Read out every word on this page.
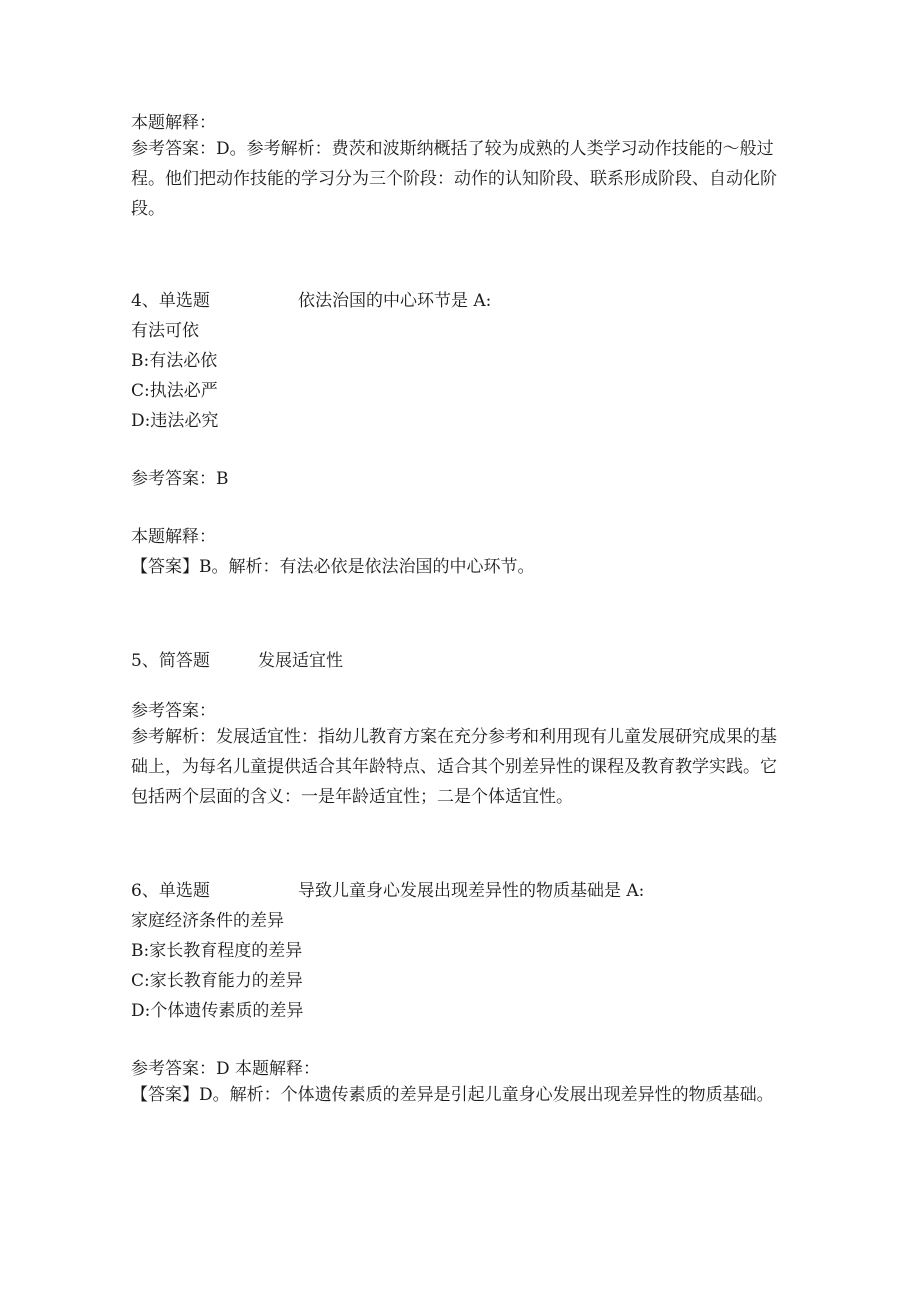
本题解释：
参考答案：D。参考解析：费茨和波斯纳概括了较为成熟的人类学习动作技能的～般过程。他们把动作技能的学习分为三个阶段：动作的认知阶段、联系形成阶段、自动化阶段。
4、单选题	依法治国的中心环节是 A:
有法可依
B:有法必依
C:执法必严
D:违法必究
参考答案：B
本题解释：
【答案】B。解析：有法必依是依法治国的中心环节。
5、简答题	发展适宜性
参考答案：
参考解析：发展适宜性：指幼儿教育方案在充分参考和利用现有儿童发展研究成果的基础上，为每名儿童提供适合其年龄特点、适合其个别差异性的课程及教育教学实践。它包括两个层面的含义：一是年龄适宜性；二是个体适宜性。
6、单选题	导致儿童身心发展出现差异性的物质基础是 A:
家庭经济条件的差异
B:家长教育程度的差异
C:家长教育能力的差异
D:个体遗传素质的差异
参考答案：D 本题解释：
【答案】D。解析：个体遗传素质的差异是引起儿童身心发展出现差异性的物质基础。
